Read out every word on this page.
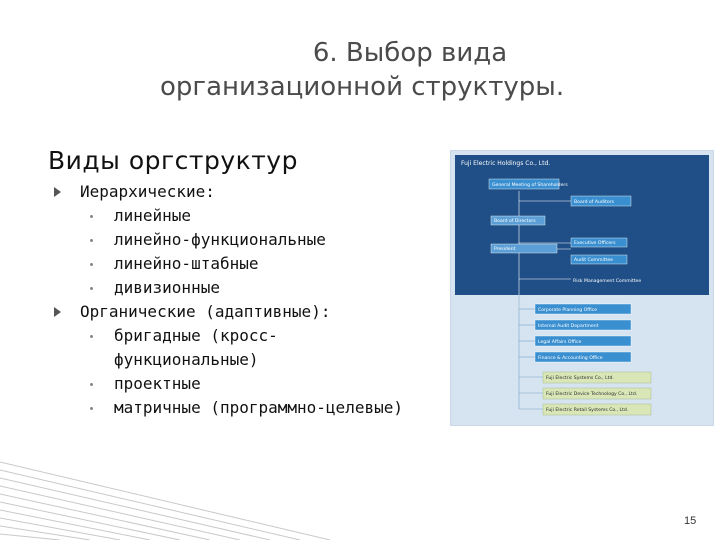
6. Выбор вида
организационной структуры.
Виды оргструктур
Иерархические:
линейные
линейно-функциональные
линейно-штабные
дивизионные
Органические (адаптивные):
бригадные (кросс-
функциональные)
проектные
матричные (программно-целевые)
Fuji Electric Holdings Co., Ltd.
General Meeting of Shareholders
Board of Auditors
Board of Directors
Executive Officers
President
Audit Committee
Risk Management Committee
Corporate Planning Office
Internal Audit Department
Legal Affairs Office
Finance & Accounting Office
Fuji Electric Systems Co., Ltd.
Fuji Electric Device Technology Co., Ltd.
Fuji Electric Retail Systems Co., Ltd.
15
